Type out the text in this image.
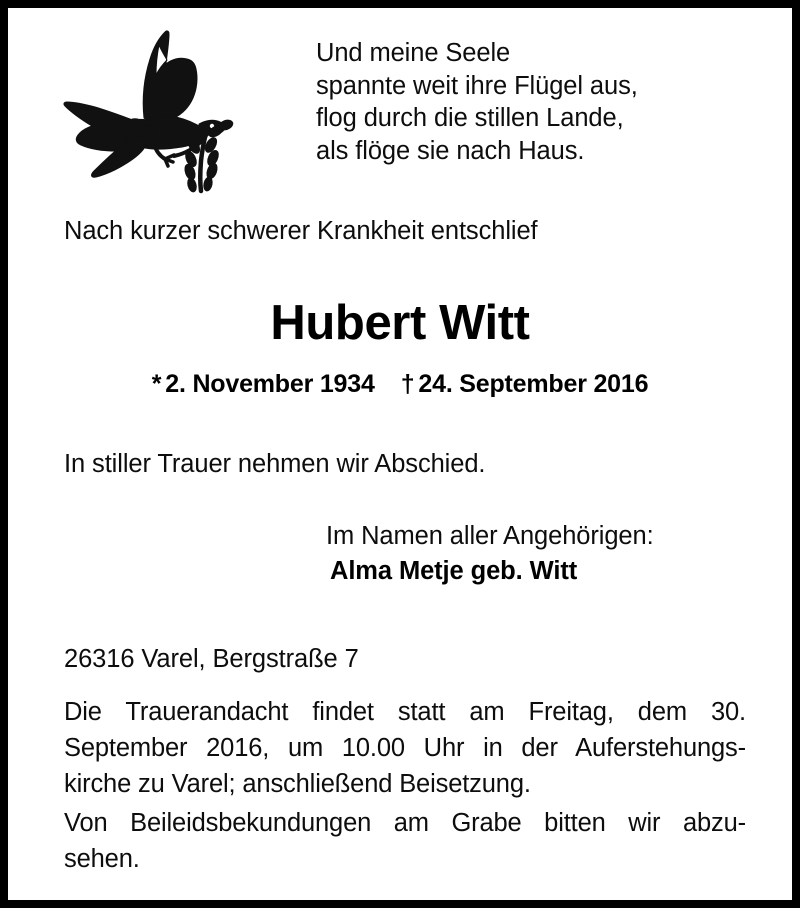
Und meine Seele
spannte weit ihre Flügel aus,
flog durch die stillen Lande,
als flöge sie nach Haus.
Nach kurzer schwerer Krankheit entschlief
Hubert Witt
* 2. November 1934 † 24. September 2016
In stiller Trauer nehmen wir Abschied.
Im Namen aller Angehörigen:
Alma Metje geb. Witt
26316 Varel, Bergstraße 7
Die Trauerandacht findet statt am Freitag, dem 30.
September 2016, um 10.00 Uhr in der Auferstehungs-
kirche zu Varel; anschließend Beisetzung.
Von Beileidsbekundungen am Grabe bitten wir abzu-
sehen.
